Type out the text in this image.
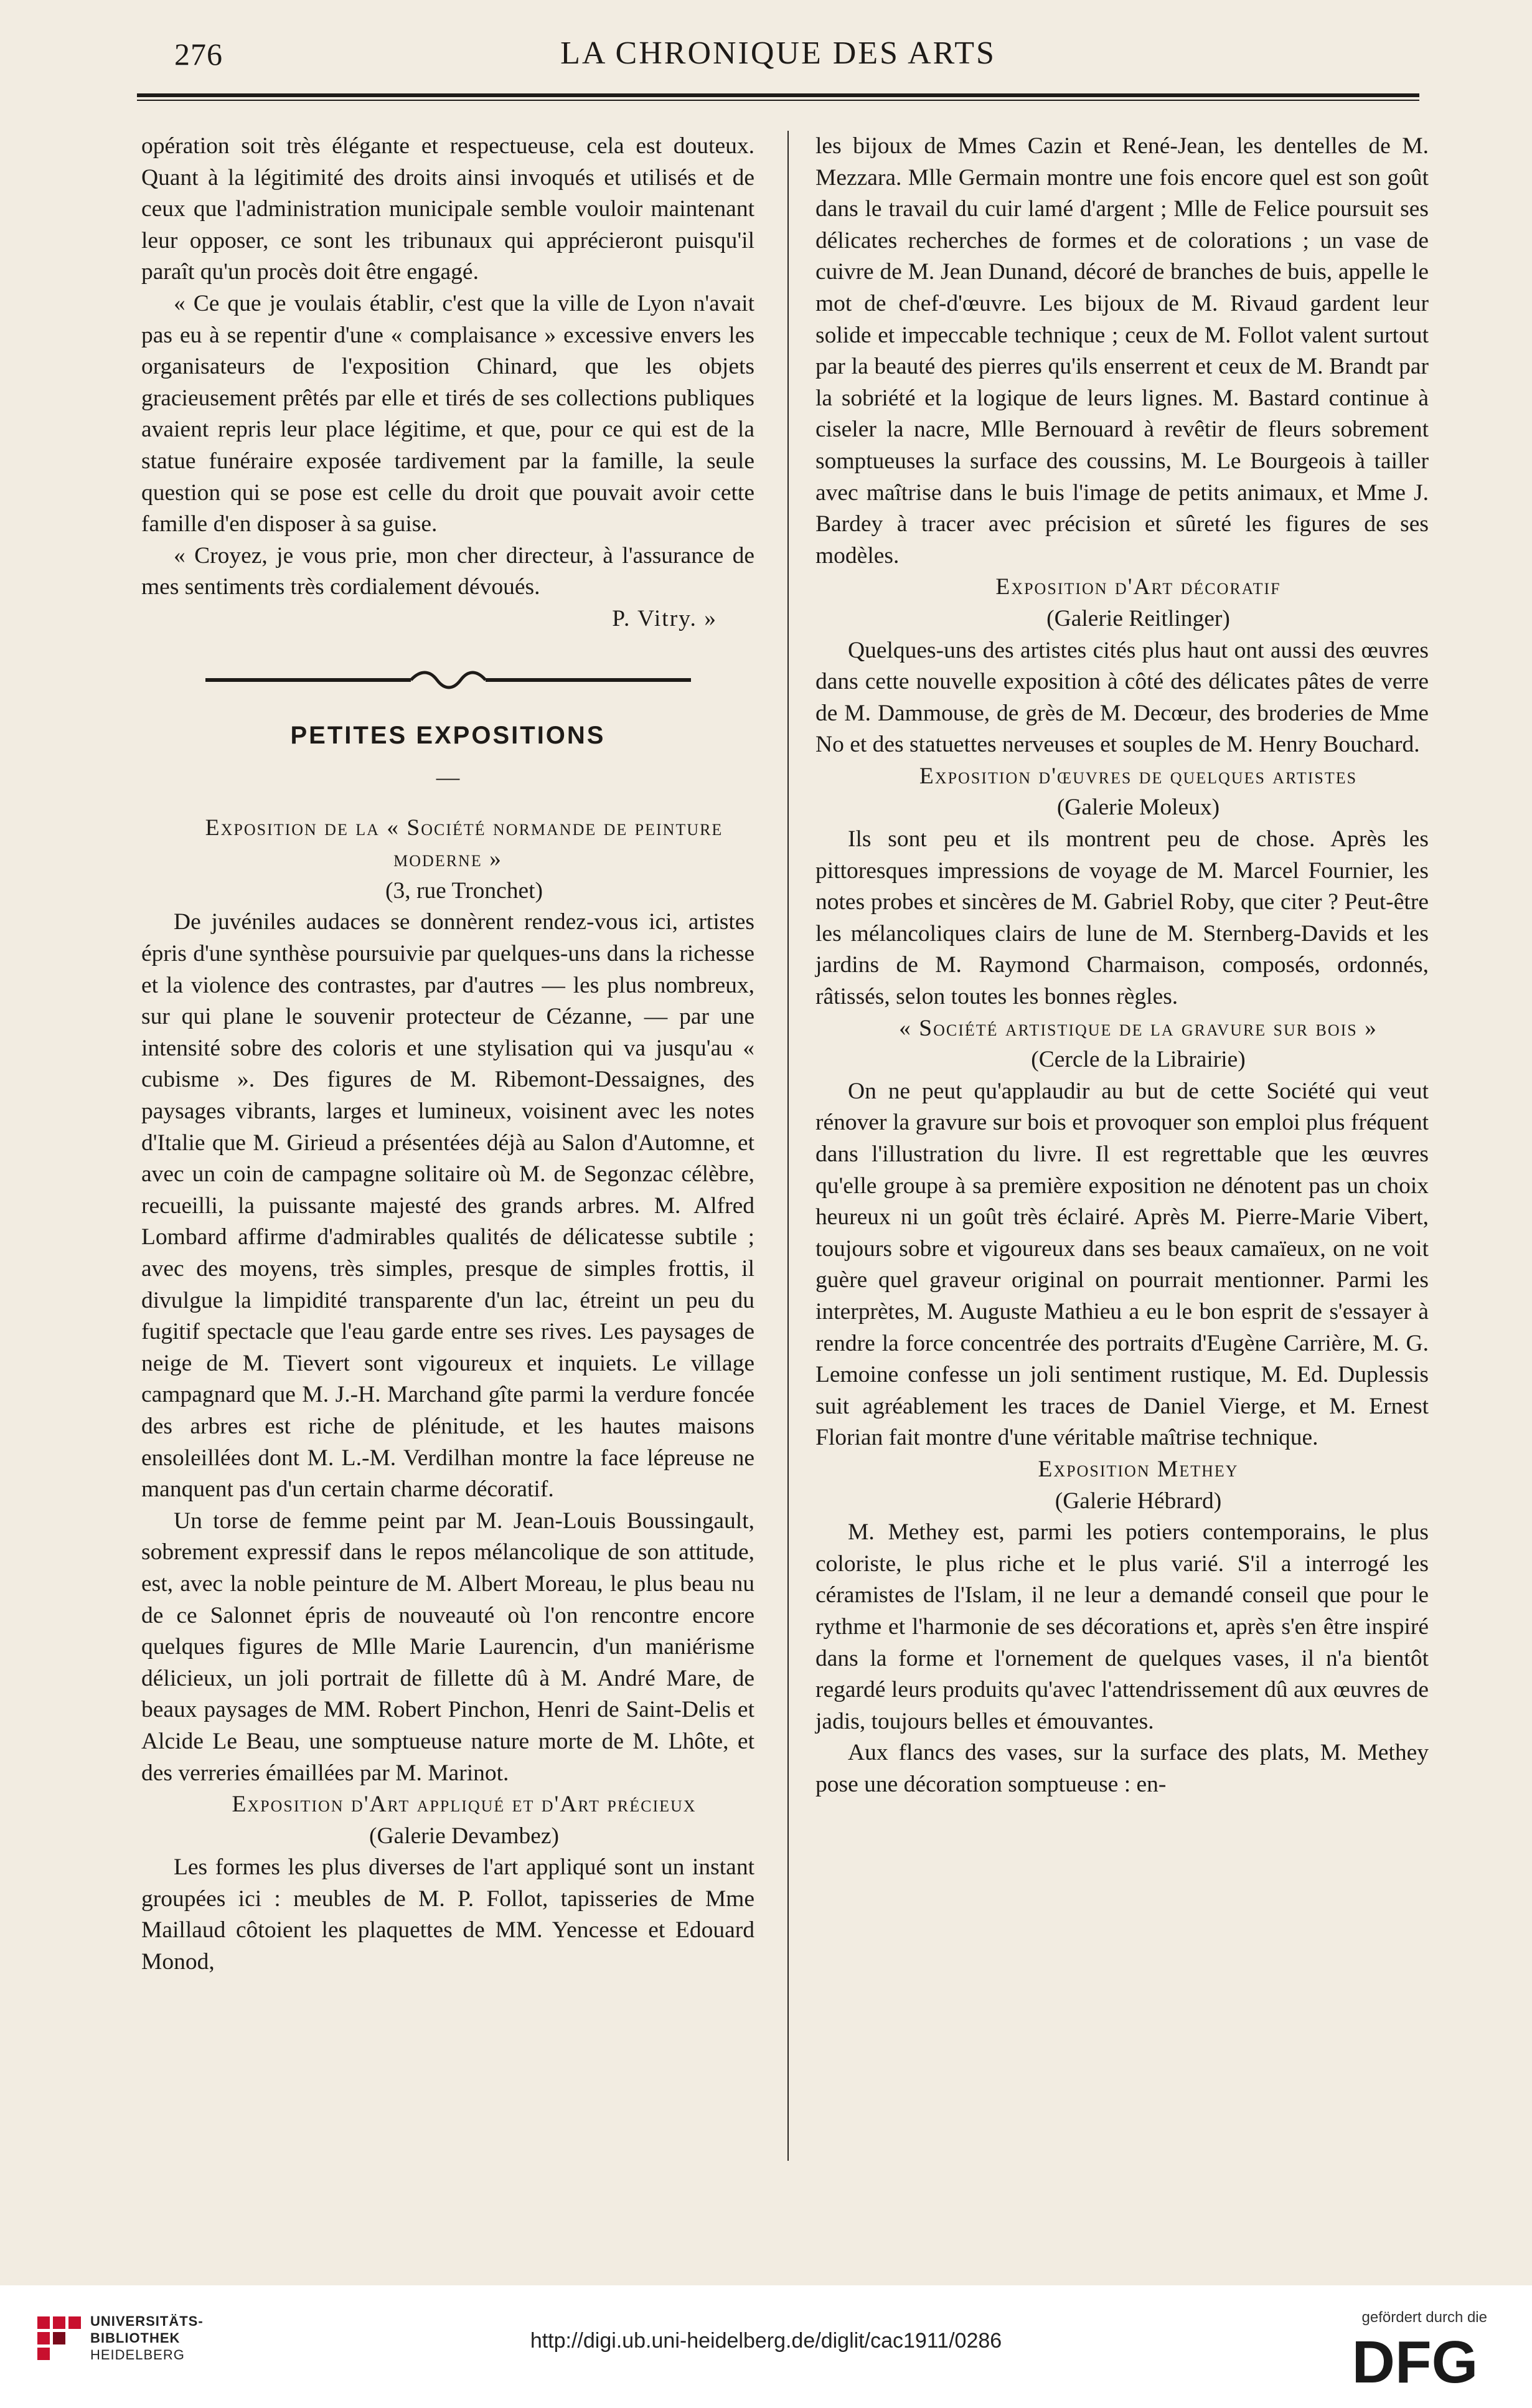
276	LA CHRONIQUE DES ARTS

opération soit très élégante et respectueuse, cela est douteux. Quant à la légitimité des droits ainsi invoqués et utilisés et de ceux que l'administration municipale semble vouloir maintenant leur opposer, ce sont les tribunaux qui apprécieront puisqu'il paraît qu'un procès doit être engagé.

« Ce que je voulais établir, c'est que la ville de Lyon n'avait pas eu à se repentir d'une « complaisance » excessive envers les organisateurs de l'exposition Chinard, que les objets gracieusement prêtés par elle et tirés de ses collections publiques avaient repris leur place légitime, et que, pour ce qui est de la statue funéraire exposée tardivement par la famille, la seule question qui se pose est celle du droit que pouvait avoir cette famille d'en disposer à sa guise.

« Croyez, je vous prie, mon cher directeur, à l'assurance de mes sentiments très cordialement dévoués.

P. Vitry. »

PETITES EXPOSITIONS
—

Exposition de la « Société normande de peinture moderne »

(3, rue Tronchet)

De juvéniles audaces se donnèrent rendez-vous ici, artistes épris d'une synthèse poursuivie par quelques-uns dans la richesse et la violence des contrastes, par d'autres — les plus nombreux, sur qui plane le souvenir protecteur de Cézanne, — par une intensité sobre des coloris et une stylisation qui va jusqu'au « cubisme ». Des figures de M. Ribemont-Dessaignes, des paysages vibrants, larges et lumineux, voisinent avec les notes d'Italie que M. Girieud a présentées déjà au Salon d'Automne, et avec un coin de campagne solitaire où M. de Segonzac célèbre, recueilli, la puissante majesté des grands arbres. M. Alfred Lombard affirme d'admirables qualités de délicatesse subtile ; avec des moyens, très simples, presque de simples frottis, il divulgue la limpidité transparente d'un lac, étreint un peu du fugitif spectacle que l'eau garde entre ses rives. Les paysages de neige de M. Tievert sont vigoureux et inquiets. Le village campagnard que M. J.-H. Marchand gîte parmi la verdure foncée des arbres est riche de plénitude, et les hautes maisons ensoleillées dont M. L.-M. Verdilhan montre la face lépreuse ne manquent pas d'un certain charme décoratif.

Un torse de femme peint par M. Jean-Louis Boussingault, sobrement expressif dans le repos mélancolique de son attitude, est, avec la noble peinture de M. Albert Moreau, le plus beau nu de ce Salonnet épris de nouveauté où l'on rencontre encore quelques figures de Mlle Marie Laurencin, d'un maniérisme délicieux, un joli portrait de fillette dû à M. André Mare, de beaux paysages de MM. Robert Pinchon, Henri de Saint-Delis et Alcide Le Beau, une somptueuse nature morte de M. Lhôte, et des verreries émaillées par M. Marinot.

Exposition d'Art appliqué et d'Art précieux

(Galerie Devambez)

Les formes les plus diverses de l'art appliqué sont un instant groupées ici : meubles de M. P. Follot, tapisseries de Mme Maillaud côtoient les plaquettes de MM. Yencesse et Edouard Monod,

les bijoux de Mmes Cazin et René-Jean, les dentelles de M. Mezzara. Mlle Germain montre une fois encore quel est son goût dans le travail du cuir lamé d'argent ; Mlle de Felice poursuit ses délicates recherches de formes et de colorations ; un vase de cuivre de M. Jean Dunand, décoré de branches de buis, appelle le mot de chef-d'œuvre. Les bijoux de M. Rivaud gardent leur solide et impeccable technique ; ceux de M. Follot valent surtout par la beauté des pierres qu'ils enserrent et ceux de M. Brandt par la sobriété et la logique de leurs lignes. M. Bastard continue à ciseler la nacre, Mlle Bernouard à revêtir de fleurs sobrement somptueuses la surface des coussins, M. Le Bourgeois à tailler avec maîtrise dans le buis l'image de petits animaux, et Mme J. Bardey à tracer avec précision et sûreté les figures de ses modèles.

Exposition d'Art décoratif

(Galerie Reitlinger)

Quelques-uns des artistes cités plus haut ont aussi des œuvres dans cette nouvelle exposition à côté des délicates pâtes de verre de M. Dammouse, de grès de M. Decœur, des broderies de Mme No et des statuettes nerveuses et souples de M. Henry Bouchard.

Exposition d'œuvres de quelques artistes

(Galerie Moleux)

Ils sont peu et ils montrent peu de chose. Après les pittoresques impressions de voyage de M. Marcel Fournier, les notes probes et sincères de M. Gabriel Roby, que citer ? Peut-être les mélancoliques clairs de lune de M. Sternberg-Davids et les jardins de M. Raymond Charmaison, composés, ordonnés, râtissés, selon toutes les bonnes règles.

« Société artistique de la gravure sur bois »

(Cercle de la Librairie)

On ne peut qu'applaudir au but de cette Société qui veut rénover la gravure sur bois et provoquer son emploi plus fréquent dans l'illustration du livre. Il est regrettable que les œuvres qu'elle groupe à sa première exposition ne dénotent pas un choix heureux ni un goût très éclairé. Après M. Pierre-Marie Vibert, toujours sobre et vigoureux dans ses beaux camaïeux, on ne voit guère quel graveur original on pourrait mentionner. Parmi les interprètes, M. Auguste Mathieu a eu le bon esprit de s'essayer à rendre la force concentrée des portraits d'Eugène Carrière, M. G. Lemoine confesse un joli sentiment rustique, M. Ed. Duplessis suit agréablement les traces de Daniel Vierge, et M. Ernest Florian fait montre d'une véritable maîtrise technique.

Exposition Methey

(Galerie Hébrard)

M. Methey est, parmi les potiers contemporains, le plus coloriste, le plus riche et le plus varié. S'il a interrogé les céramistes de l'Islam, il ne leur a demandé conseil que pour le rythme et l'harmonie de ses décorations et, après s'en être inspiré dans la forme et l'ornement de quelques vases, il n'a bientôt regardé leurs produits qu'avec l'attendrissement dû aux œuvres de jadis, toujours belles et émouvantes.

Aux flancs des vases, sur la surface des plats, M. Methey pose une décoration somptueuse : en-

UNIVERSITÄTS-
BIBLIOTHEK
HEIDELBERG
http://digi.ub.uni-heidelberg.de/diglit/cac1911/0286
gefördert durch die
DFG
